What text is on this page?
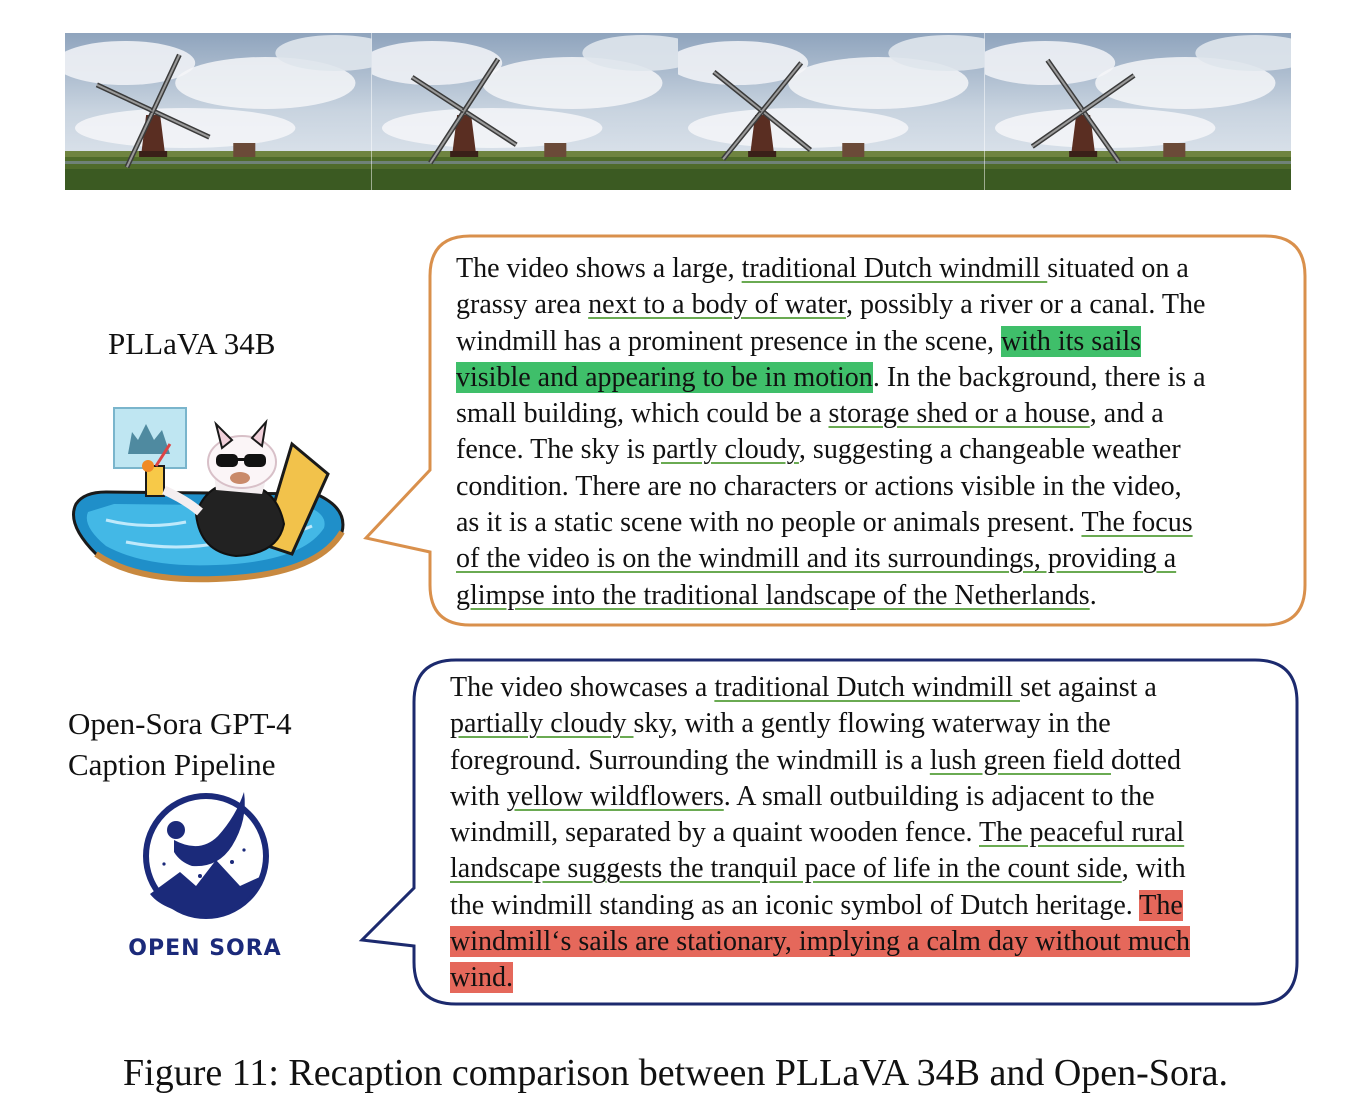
PLLaVA 34B
The video shows a large, traditional Dutch windmill situated on a
grassy area next to a body of water, possibly a river or a canal. The
windmill has a prominent presence in the scene, with its sails
visible and appearing to be in motion. In the background, there is a
small building, which could be a storage shed or a house, and a
fence. The sky is partly cloudy, suggesting a changeable weather
condition. There are no characters or actions visible in the video,
as it is a static scene with no people or animals present. The focus
of the video is on the windmill and its surroundings, providing a
glimpse into the traditional landscape of the Netherlands.
Open-Sora GPT-4
Caption Pipeline
OPEN SORA
The video showcases a traditional Dutch windmill set against a
partially cloudy sky, with a gently flowing waterway in the
foreground. Surrounding the windmill is a lush green field dotted
with yellow wildflowers. A small outbuilding is adjacent to the
windmill, separated by a quaint wooden fence. The peaceful rural
landscape suggests the tranquil pace of life in the count side, with
the windmill standing as an iconic symbol of Dutch heritage. The
windmill‘s sails are stationary, implying a calm day without much
wind.
Figure 11: Recaption comparison between PLLaVA 34B and Open-Sora.
